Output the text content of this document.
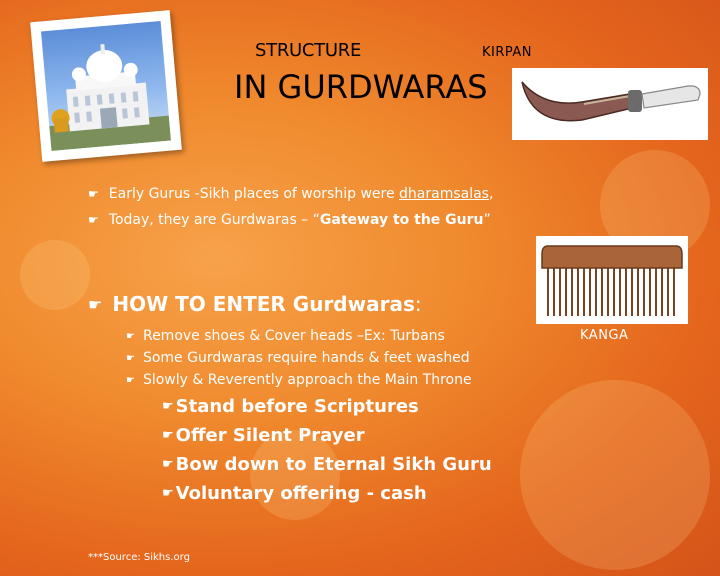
STRUCTURE	KIRPAN
IN GURDWARAS
KANGA
☛ Early Gurus - Sikh places of worship were dharamsalas ,
☛ Today, they are Gurdwaras – “ Gateway to the Guru ”
☛ HOW TO ENTER Gurdwaras :
☛ Remove shoes & Cover heads –Ex: Turbans
☛ Some Gurdwaras require hands & feet washed
☛ Slowly & Reverently approach the Main Throne
☛ Stand before Scriptures
☛ Offer Silent Prayer
☛ Bow down to Eternal Sikh Guru
☛ Voluntary offering - cash
***Source: Sikhs.org
